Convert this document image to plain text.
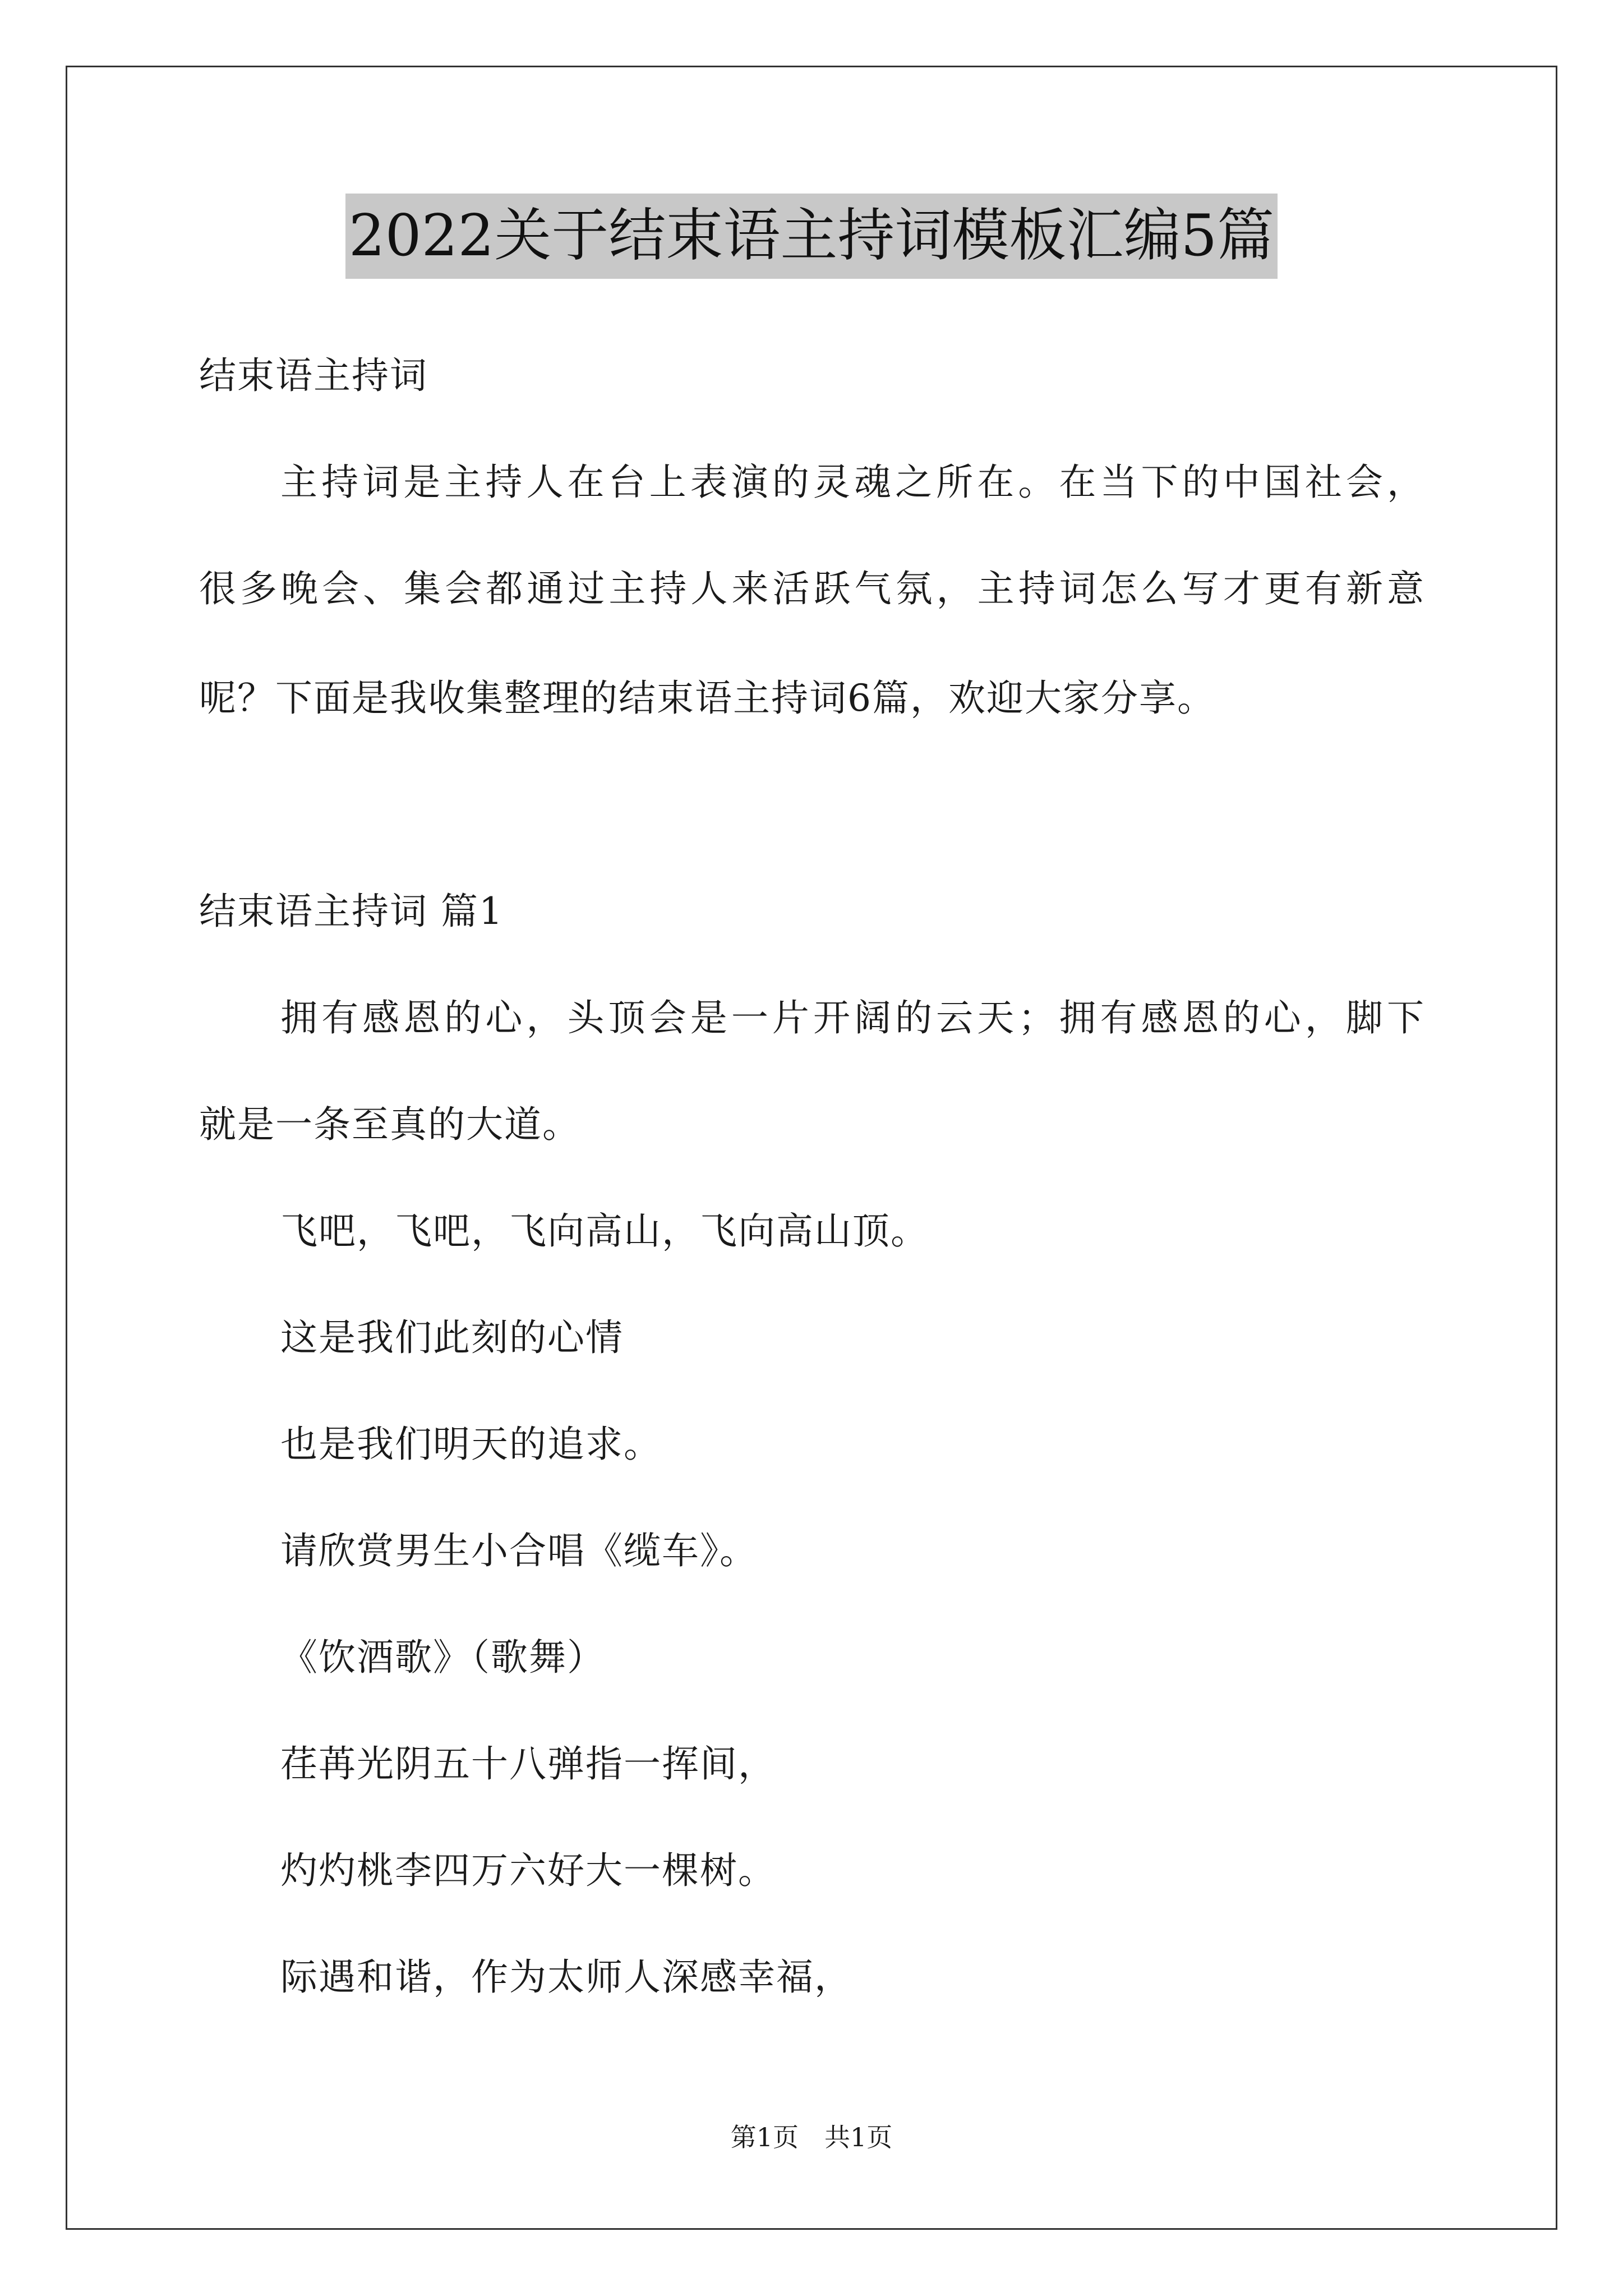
2022关于结束语主持词模板汇编5篇
结束语主持词
主持词是主持人在台上表演的灵魂之所在。在当下的中国社会，
很多晚会、集会都通过主持人来活跃气氛，主持词怎么写才更有新意
呢？下面是我收集整理的结束语主持词6篇，欢迎大家分享。
结束语主持词 篇1
拥有感恩的心，头顶会是一片开阔的云天；拥有感恩的心，脚下
就是一条至真的大道。
飞吧，飞吧，飞向高山，飞向高山顶。
这是我们此刻的心情
也是我们明天的追求。
请欣赏男生小合唱《缆车》。
《饮酒歌》（歌舞）
荏苒光阴五十八弹指一挥间，
灼灼桃李四万六好大一棵树。
际遇和谐，作为太师人深感幸福，
第1页　共1页
